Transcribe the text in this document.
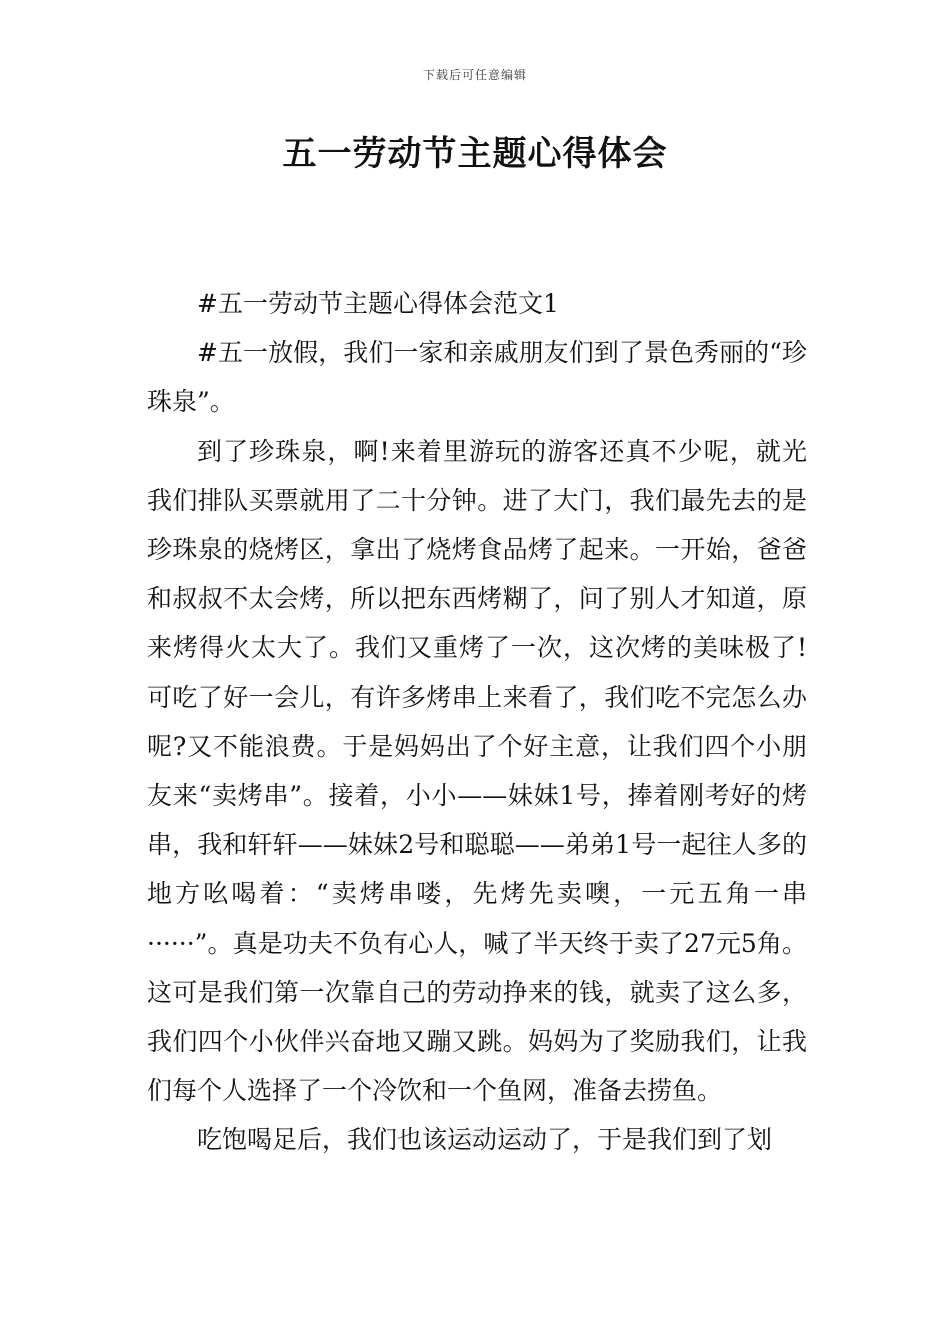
下载后可任意编辑
五一劳动节主题心得体会

#五一劳动节主题心得体会范文1

#五一放假，我们一家和亲戚朋友们到了景色秀丽的“珍珠泉”。

到了珍珠泉，啊!来着里游玩的游客还真不少呢，就光我们排队买票就用了二十分钟。进了大门，我们最先去的是珍珠泉的烧烤区，拿出了烧烤食品烤了起来。一开始，爸爸和叔叔不太会烤，所以把东西烤糊了，问了别人才知道，原来烤得火太大了。我们又重烤了一次，这次烤的美味极了!可吃了好一会儿，有许多烤串上来看了，我们吃不完怎么办呢?又不能浪费。于是妈妈出了个好主意，让我们四个小朋友来“卖烤串”。接着，小小——妹妹1号，捧着刚考好的烤串，我和轩轩——妹妹2号和聪聪——弟弟1号一起往人多的地方吆喝着：“卖烤串喽，先烤先卖噢，一元五角一串······”。真是功夫不负有心人，喊了半天终于卖了27元5角。这可是我们第一次靠自己的劳动挣来的钱，就卖了这么多，我们四个小伙伴兴奋地又蹦又跳。妈妈为了奖励我们，让我们每个人选择了一个冷饮和一个鱼网，准备去捞鱼。

吃饱喝足后，我们也该运动运动了，于是我们到了划
